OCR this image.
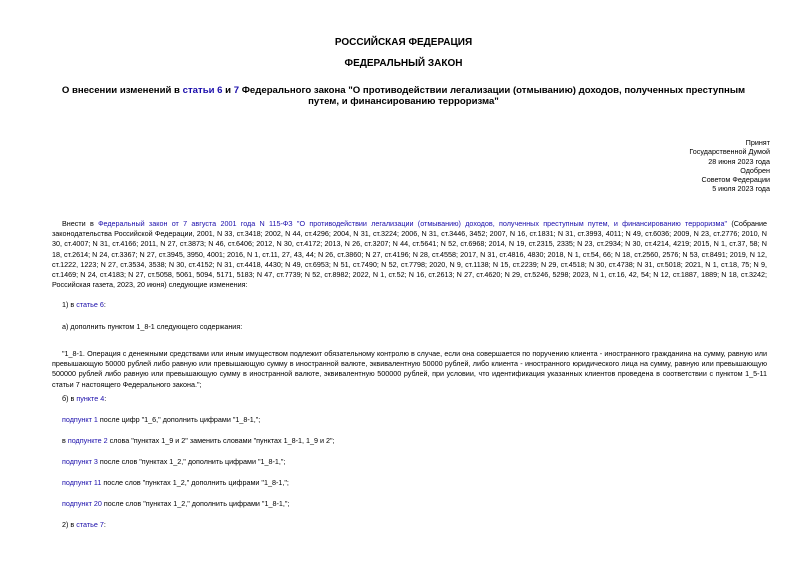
РОССИЙСКАЯ ФЕДЕРАЦИЯ
ФЕДЕРАЛЬНЫЙ ЗАКОН
О внесении изменений в статьи 6 и 7 Федерального закона "О противодействии легализации (отмыванию) доходов, полученных преступным путем, и финансированию терроризма"
Принят
Государственной Думой
28 июня 2023 года
Одобрен
Советом Федерации
5 июля 2023 года
Внести в Федеральный закон от 7 августа 2001 года N 115-ФЗ "О противодействии легализации (отмыванию) доходов, полученных преступным путем, и финансированию терроризма" (Собрание законодательства Российской Федерации, 2001, N 33, ст.3418; 2002, N 44, ст.4296; 2004, N 31, ст.3224; 2006, N 31, ст.3446, 3452; 2007, N 16, ст.1831; N 31, ст.3993, 4011; N 49, ст.6036; 2009, N 23, ст.2776; 2010, N 30, ст.4007; N 31, ст.4166; 2011, N 27, ст.3873; N 46, ст.6406; 2012, N 30, ст.4172; 2013, N 26, ст.3207; N 44, ст.5641; N 52, ст.6968; 2014, N 19, ст.2315, 2335; N 23, ст.2934; N 30, ст.4214, 4219; 2015, N 1, ст.37, 58; N 18, ст.2614; N 24, ст.3367; N 27, ст.3945, 3950, 4001; 2016, N 1, ст.11, 27, 43, 44; N 26, ст.3860; N 27, ст.4196; N 28, ст.4558; 2017, N 31, ст.4816, 4830; 2018, N 1, ст.54, 66; N 18, ст.2560, 2576; N 53, ст.8491; 2019, N 12, ст.1222, 1223; N 27, ст.3534, 3538; N 30, ст.4152; N 31, ст.4418, 4430; N 49, ст.6953; N 51, ст.7490; N 52, ст.7798; 2020, N 9, ст.1138; N 15, ст.2239; N 29, ст.4518; N 30, ст.4738; N 31, ст.5018; 2021, N 1, ст.18, 75; N 9, ст.1469; N 24, ст.4183; N 27, ст.5058, 5061, 5094, 5171, 5183; N 47, ст.7739; N 52, ст.8982; 2022, N 1, ст.52; N 16, ст.2613; N 27, ст.4620; N 29, ст.5246, 5298; 2023, N 1, ст.16, 42, 54; N 12, ст.1887, 1889; N 18, ст.3242; Российская газета, 2023, 20 июня) следующие изменения:
1) в статье 6:
а) дополнить пунктом 1_8-1 следующего содержания:
"1_8-1. Операция с денежными средствами или иным имуществом подлежит обязательному контролю в случае, если она совершается по поручению клиента - иностранного гражданина на сумму, равную или превышающую 50000 рублей либо равную или превышающую сумму в иностранной валюте, эквивалентную 50000 рублей, либо клиента - иностранного юридического лица на сумму, равную или превышающую 500000 рублей либо равную или превышающую сумму в иностранной валюте, эквивалентную 500000 рублей, при условии, что идентификация указанных клиентов проведена в соответствии с пунктом 1_5-11 статьи 7 настоящего Федерального закона.";
б) в пункте 4:
подпункт 1 после цифр "1_6," дополнить цифрами "1_8-1,";
в подпункте 2 слова "пунктах 1_9 и 2" заменить словами "пунктах 1_8-1, 1_9 и 2";
подпункт 3 после слов "пунктах 1_2," дополнить цифрами "1_8-1,";
подпункт 11 после слов "пунктах 1_2," дополнить цифрами "1_8-1,";
подпункт 20 после слов "пунктах 1_2," дополнить цифрами "1_8-1,";
2) в статье 7:
